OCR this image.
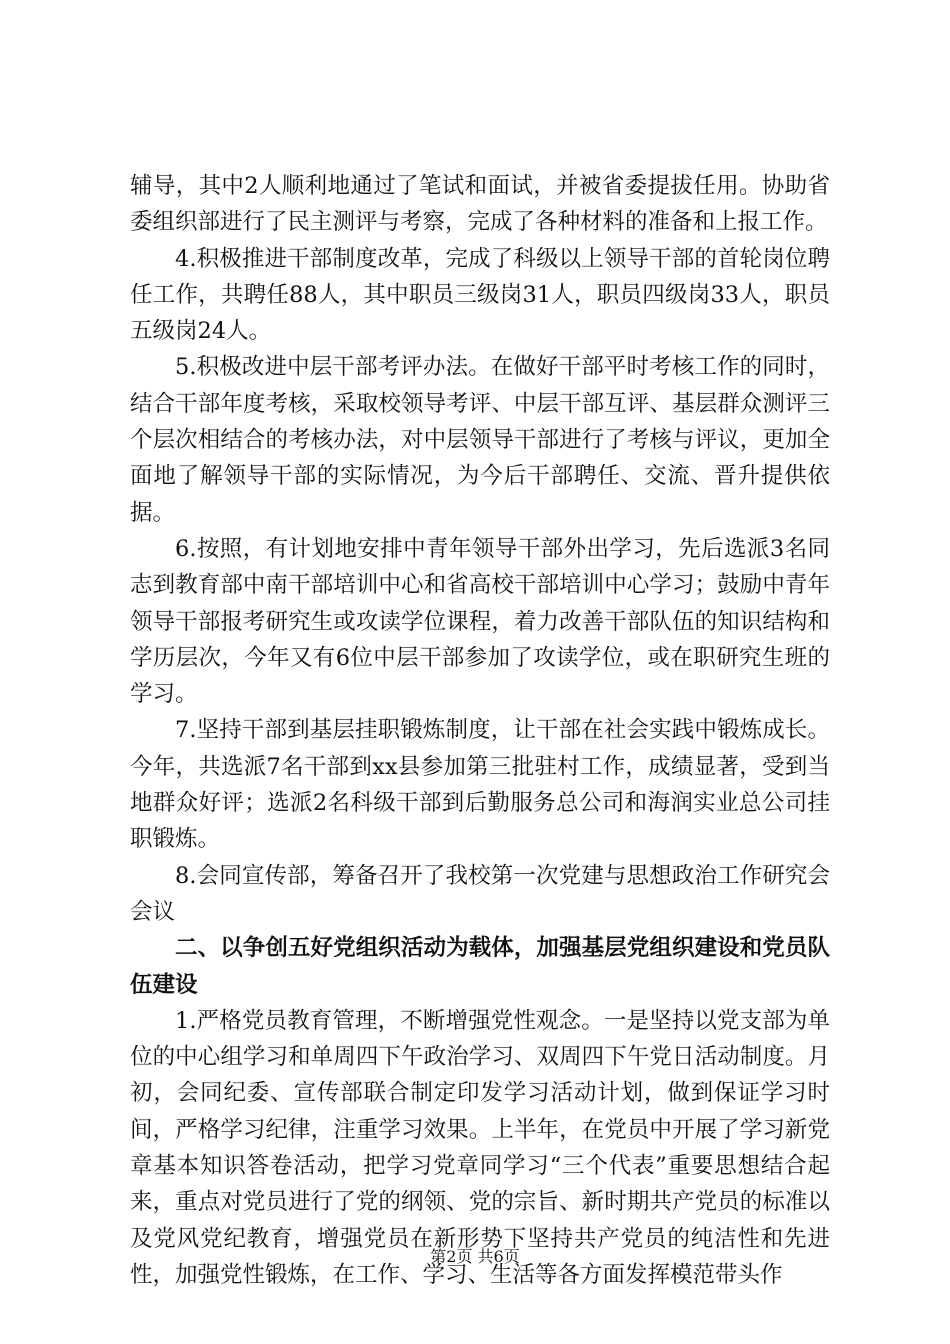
辅导，其中2人顺利地通过了笔试和面试，并被省委提拔任用。协助省委组织部进行了民主测评与考察，完成了各种材料的准备和上报工作。

4.积极推进干部制度改革，完成了科级以上领导干部的首轮岗位聘任工作，共聘任88人，其中职员三级岗31人，职员四级岗33人，职员五级岗24人。

5.积极改进中层干部考评办法。在做好干部平时考核工作的同时，结合干部年度考核，采取校领导考评、中层干部互评、基层群众测评三个层次相结合的考核办法，对中层领导干部进行了考核与评议，更加全面地了解领导干部的实际情况，为今后干部聘任、交流、晋升提供依据。

6.按照，有计划地安排中青年领导干部外出学习，先后选派3名同志到教育部中南干部培训中心和省高校干部培训中心学习；鼓励中青年领导干部报考研究生或攻读学位课程，着力改善干部队伍的知识结构和学历层次，今年又有6位中层干部参加了攻读学位，或在职研究生班的学习。

7.坚持干部到基层挂职锻炼制度，让干部在社会实践中锻炼成长。今年，共选派7名干部到xx县参加第三批驻村工作，成绩显著，受到当地群众好评；选派2名科级干部到后勤服务总公司和海润实业总公司挂职锻炼。

8.会同宣传部，筹备召开了我校第一次党建与思想政治工作研究会会议

二、以争创五好党组织活动为载体，加强基层党组织建设和党员队伍建设

1.严格党员教育管理，不断增强党性观念。一是坚持以党支部为单位的中心组学习和单周四下午政治学习、双周四下午党日活动制度。月初，会同纪委、宣传部联合制定印发学习活动计划，做到保证学习时间，严格学习纪律，注重学习效果。上半年，在党员中开展了学习新党章基本知识答卷活动，把学习党章同学习“三个代表”重要思想结合起来，重点对党员进行了党的纲领、党的宗旨、新时期共产党员的标准以及党风党纪教育，增强党员在新形势下坚持共产党员的纯洁性和先进性，加强党性锻炼，在工作、学习、生活等各方面发挥模范带头作

第2页 共6页
